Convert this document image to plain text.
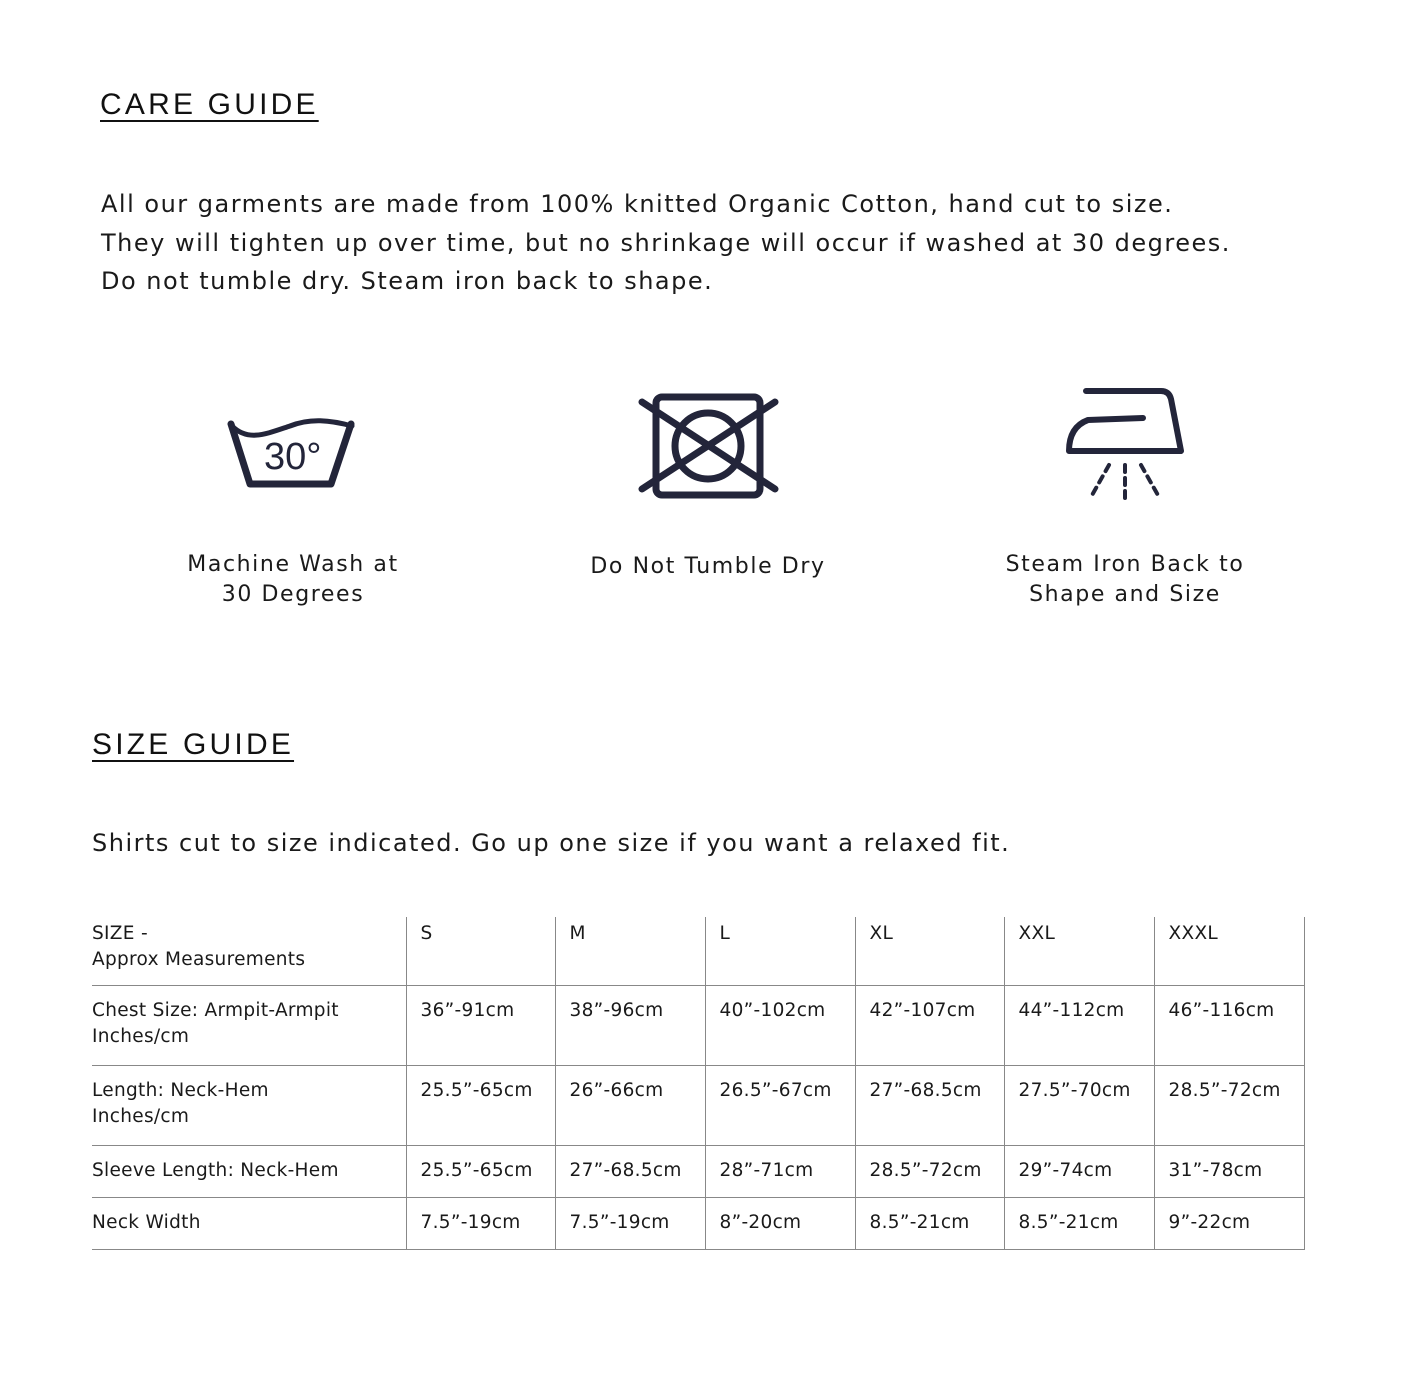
CARE GUIDE
All our garments are made from 100% knitted Organic Cotton, hand cut to size.
They will tighten up over time, but no shrinkage will occur if washed at 30 degrees.
Do not tumble dry. Steam iron back to shape.
30°
Machine Wash at
30 Degrees
Do Not Tumble Dry	Steam Iron Back to
Shape and Size
SIZE GUIDE
Shirts cut to size indicated. Go up one size if you want a relaxed fit.
SIZE -
Approx Measurements	S	M	L	XL	XXL	XXXL

Chest Size: Armpit-Armpit
Inches/cm	36”-91cm	38”-96cm	40”-102cm	42”-107cm	44”-112cm	46”-116cm

Length: Neck-Hem
Inches/cm	25.5”-65cm	26”-66cm	26.5”-67cm	27”-68.5cm	27.5”-70cm	28.5”-72cm
Sleeve Length: Neck-Hem	25.5”-65cm	27”-68.5cm	28”-71cm	28.5”-72cm	29”-74cm	31”-78cm
Neck Width	7.5”-19cm	7.5”-19cm	8”-20cm	8.5”-21cm	8.5”-21cm	9”-22cm
